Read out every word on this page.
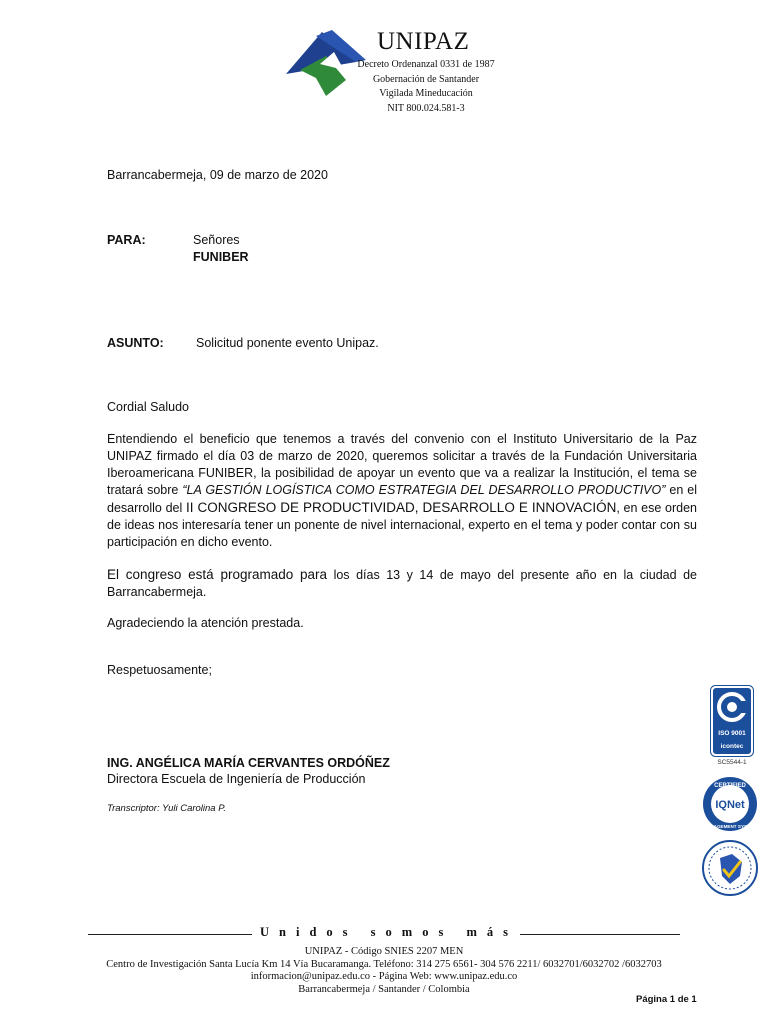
UNIPAZ
Decreto Ordenanzal 0331 de 1987
Gobernación de Santander
Vigilada Mineducación
NIT 800.024.581-3
Barrancabermeja, 09 de marzo de 2020
PARA:	Señores
FUNIBER
ASUNTO:	Solicitud ponente evento Unipaz.
Cordial Saludo
Entendiendo el beneficio que tenemos a través del convenio con el Instituto Universitario de la Paz UNIPAZ firmado el día 03 de marzo de 2020, queremos solicitar a través de la Fundación Universitaria Iberoamericana FUNIBER, la posibilidad de apoyar un evento que va a realizar la Institución, el tema se tratará sobre “LA GESTIÓN LOGÍSTICA COMO ESTRATEGIA DEL DESARROLLO PRODUCTIVO” en el desarrollo del II CONGRESO DE PRODUCTIVIDAD, DESARROLLO E INNOVACIÓN, en ese orden de ideas nos interesaría tener un ponente de nivel internacional, experto en el tema y poder contar con su participación en dicho evento.
El congreso está programado para los días 13 y 14 de mayo del presente año en la ciudad de Barrancabermeja.
Agradeciendo la atención prestada.
Respetuosamente;
ING. ANGÉLICA MARÍA CERVANTES ORDÓÑEZ
Directora Escuela de Ingeniería de Producción
Transcriptor: Yuli Carolina P.
ISO 9001
icontec
SC5544-1
CERTIFIED
IQNet
MANAGEMENT SYSTEM
Unidos somos más
UNIPAZ - Código SNIES 2207 MEN
Centro de Investigación Santa Lucía Km 14 Vía Bucaramanga. Teléfono: 314 275 6561- 304 576 2211/ 6032701/6032702 /6032703
informacion@unipaz.edu.co - Página Web: www.unipaz.edu.co
Barrancabermeja / Santander / Colombia
Página 1 de 1
